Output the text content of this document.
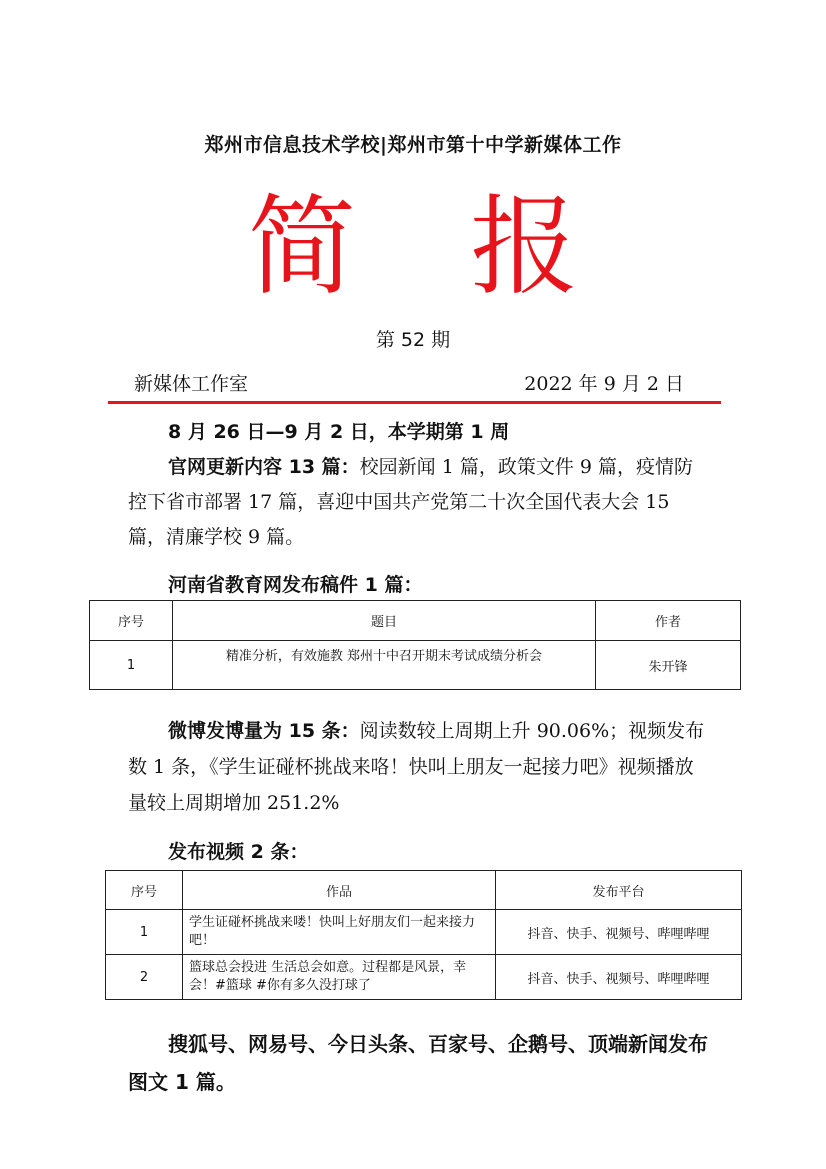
郑州市信息技术学校|郑州市第十中学新媒体工作
简 报
第 52 期
新媒体工作室	2022 年 9 月 2 日
8 月 26 日—9 月 2 日，本学期第 1 周
官网更新内容 13 篇：校园新闻 1 篇，政策文件 9 篇，疫情防控下省市部署 17 篇，喜迎中国共产党第二十次全国代表大会 15 篇，清廉学校 9 篇。
河南省教育网发布稿件 1 篇：
序号	题目	作者
1	精准分析，有效施教 郑州十中召开期末考试成绩分析会	朱开锋
微博发博量为 15 条：阅读数较上周期上升 90.06%；视频发布数 1 条，《学生证碰杯挑战来咯！快叫上朋友一起接力吧》视频播放量较上周期增加 251.2%
发布视频 2 条：
序号	作品	发布平台
1	学生证碰杯挑战来喽！快叫上好朋友们一起来接力吧！	抖音、快手、视频号、哔哩哔哩
2	篮球总会投进 生活总会如意。过程都是风景，幸会！#篮球 #你有多久没打球了	抖音、快手、视频号、哔哩哔哩
搜狐号、网易号、今日头条、百家号、企鹅号、顶端新闻发布图文 1 篇。
